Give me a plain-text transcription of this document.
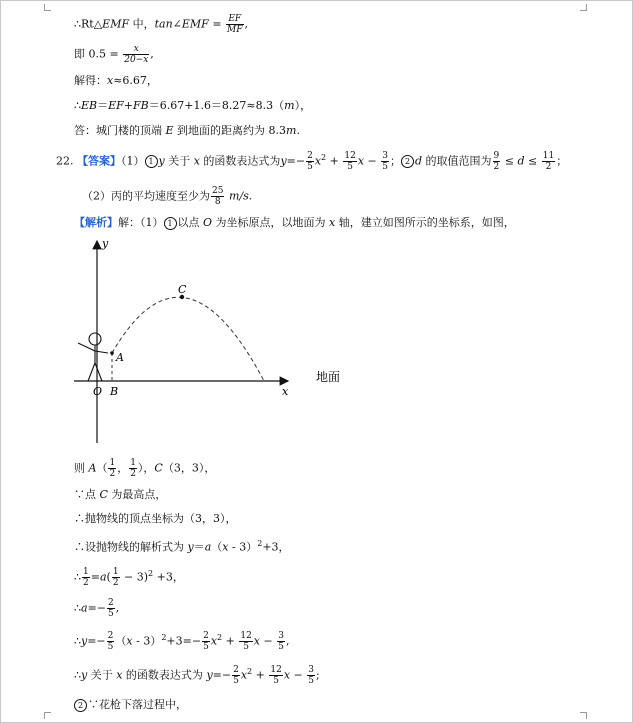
∴Rt△EMF 中，tan∠EMF = $\frac{EF}{MF}$ ,
即 $0.5 = \frac{x}{20-x}$ ,
解得：x≈6.67，
∴EB＝EF+FB＝6.67+1.6＝8.27≈8.3（m），
答：城门楼的顶端 E 到地面的距离约为 8.3m.
22. 【答案】（1） 1 y 关于 x 的函数表达式为$y=- \frac{2}{5} x^2 + \frac{12}{5}$ $x - \frac{3}{5}$ ； 2 d 的取值范围为 $\frac{9}{2} \le d \le \frac{11}{2}$ ；
（2）丙的平均速度至少为 $\frac{25}{8} m/s$.
【解析】解：（1） 1 以点 O 为坐标原点，以地面为 x 轴，建立如图所示的坐标系，如图，
y
x
O B
A
C
地面
则 $A( \frac{1}{2}$ ， $\frac{1}{2}$ ），C（3，3），
∵点 C 为最高点，
∴抛物线的顶点坐标为（3，3），
∴设抛物线的解析式为 y＝a（x - 3）$^2$+3，
∴ $\frac{1}{2} =a( \frac{1}{2} - 3)^2 +3$，
∴a=− $\frac{2}{5}$ ,
∴y=− $\frac{2}{5} (x - 3)^2+3=- \frac{2}{5} x^2 + \frac{12}{5}$ $x - \frac{3}{5}$ ,
∴y 关于 x 的函数表达式为 $y=- \frac{2}{5} x^2 + \frac{12}{5}$ $x - \frac{3}{5}$ ;
2 ∵花枪下落过程中，
